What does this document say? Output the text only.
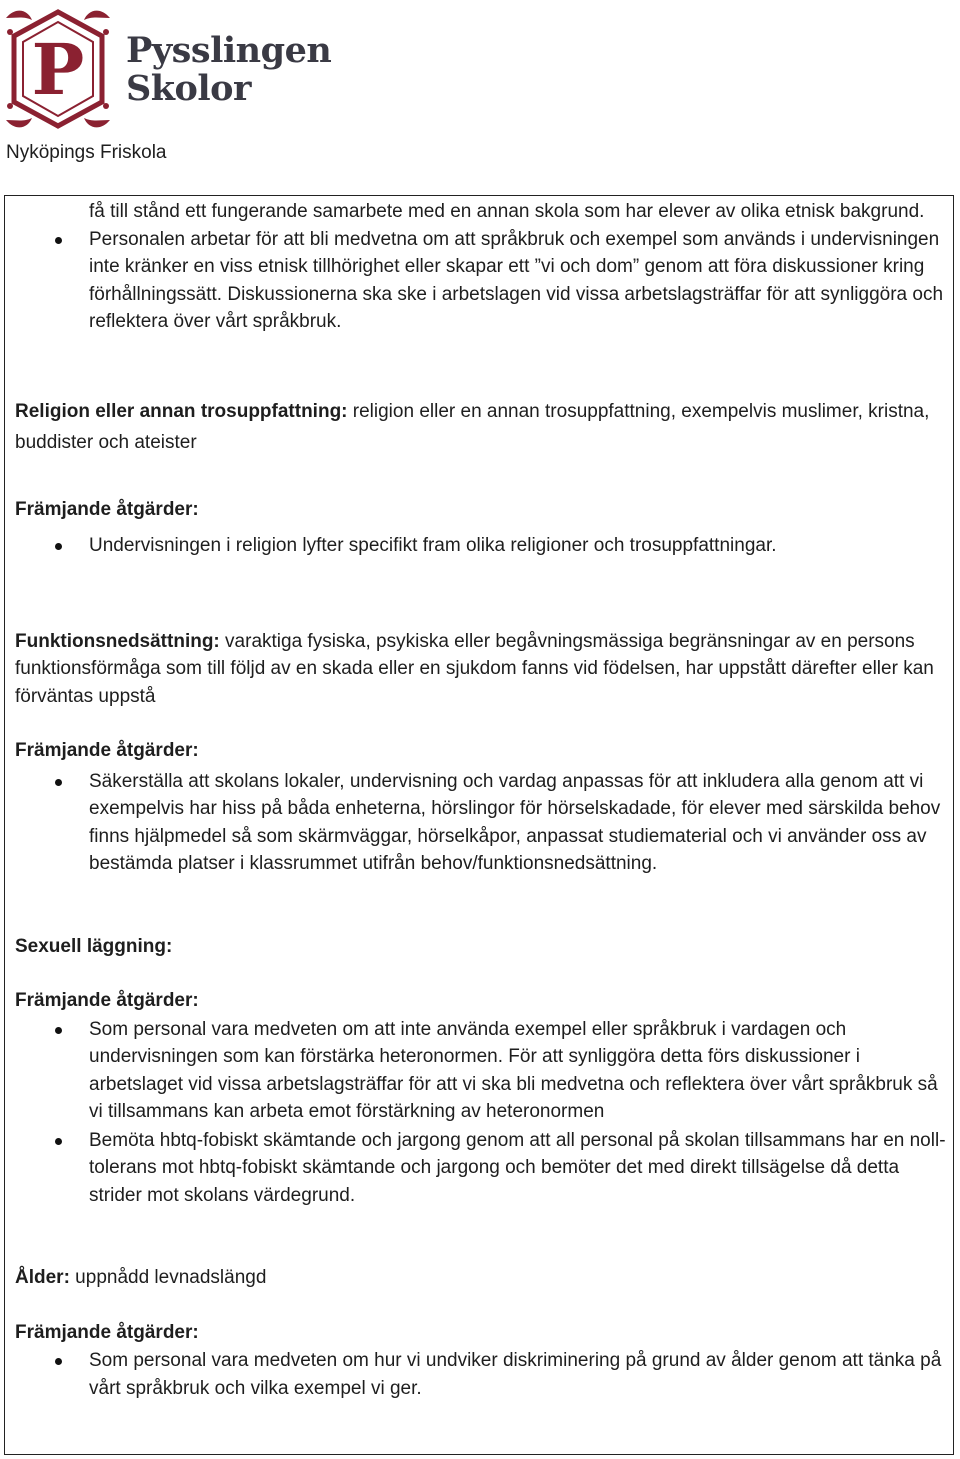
P Pysslingen
Skolor
Nyköpings Friskola
få till stånd ett fungerande samarbete med en annan skola som har elever av olika etnisk bakgrund.
Personalen arbetar för att bli medvetna om att språkbruk och exempel som används i undervisningen inte kränker en viss etnisk tillhörighet eller skapar ett ”vi och dom” genom att föra diskussioner kring förhållningssätt. Diskussionerna ska ske i arbetslagen vid vissa arbetslagsträffar för att synliggöra och reflektera över vårt språkbruk.

Religion eller annan trosuppfattning: religion eller en annan trosuppfattning, exempelvis muslimer, kristna, buddister och ateister

Främjande åtgärder:

Undervisningen i religion lyfter specifikt fram olika religioner och trosuppfattningar.

Funktionsnedsättning: varaktiga fysiska, psykiska eller begåvningsmässiga begränsningar av en persons funktionsförmåga som till följd av en skada eller en sjukdom fanns vid födelsen, har uppstått därefter eller kan förväntas uppstå

Främjande åtgärder:

Säkerställa att skolans lokaler, undervisning och vardag anpassas för att inkludera alla genom att vi exempelvis har hiss på båda enheterna, hörslingor för hörselskadade, för elever med särskilda behov finns hjälpmedel så som skärmväggar, hörselkåpor, anpassat studiematerial och vi använder oss av bestämda platser i klassrummet utifrån behov/funktionsnedsättning.

Sexuell läggning:

Främjande åtgärder:

Som personal vara medveten om att inte använda exempel eller språkbruk i vardagen och undervisningen som kan förstärka heteronormen. För att synliggöra detta förs diskussioner i arbetslaget vid vissa arbetslagsträffar för att vi ska bli medvetna och reflektera över vårt språkbruk så vi tillsammans kan arbeta emot förstärkning av heteronormen
Bemöta hbtq-fobiskt skämtande och jargong genom att all personal på skolan tillsammans har en noll-tolerans mot hbtq-fobiskt skämtande och jargong och bemöter det med direkt tillsägelse då detta strider mot skolans värdegrund.

Ålder: uppnådd levnadslängd

Främjande åtgärder:

Som personal vara medveten om hur vi undviker diskriminering på grund av ålder genom att tänka på vårt språkbruk och vilka exempel vi ger.
